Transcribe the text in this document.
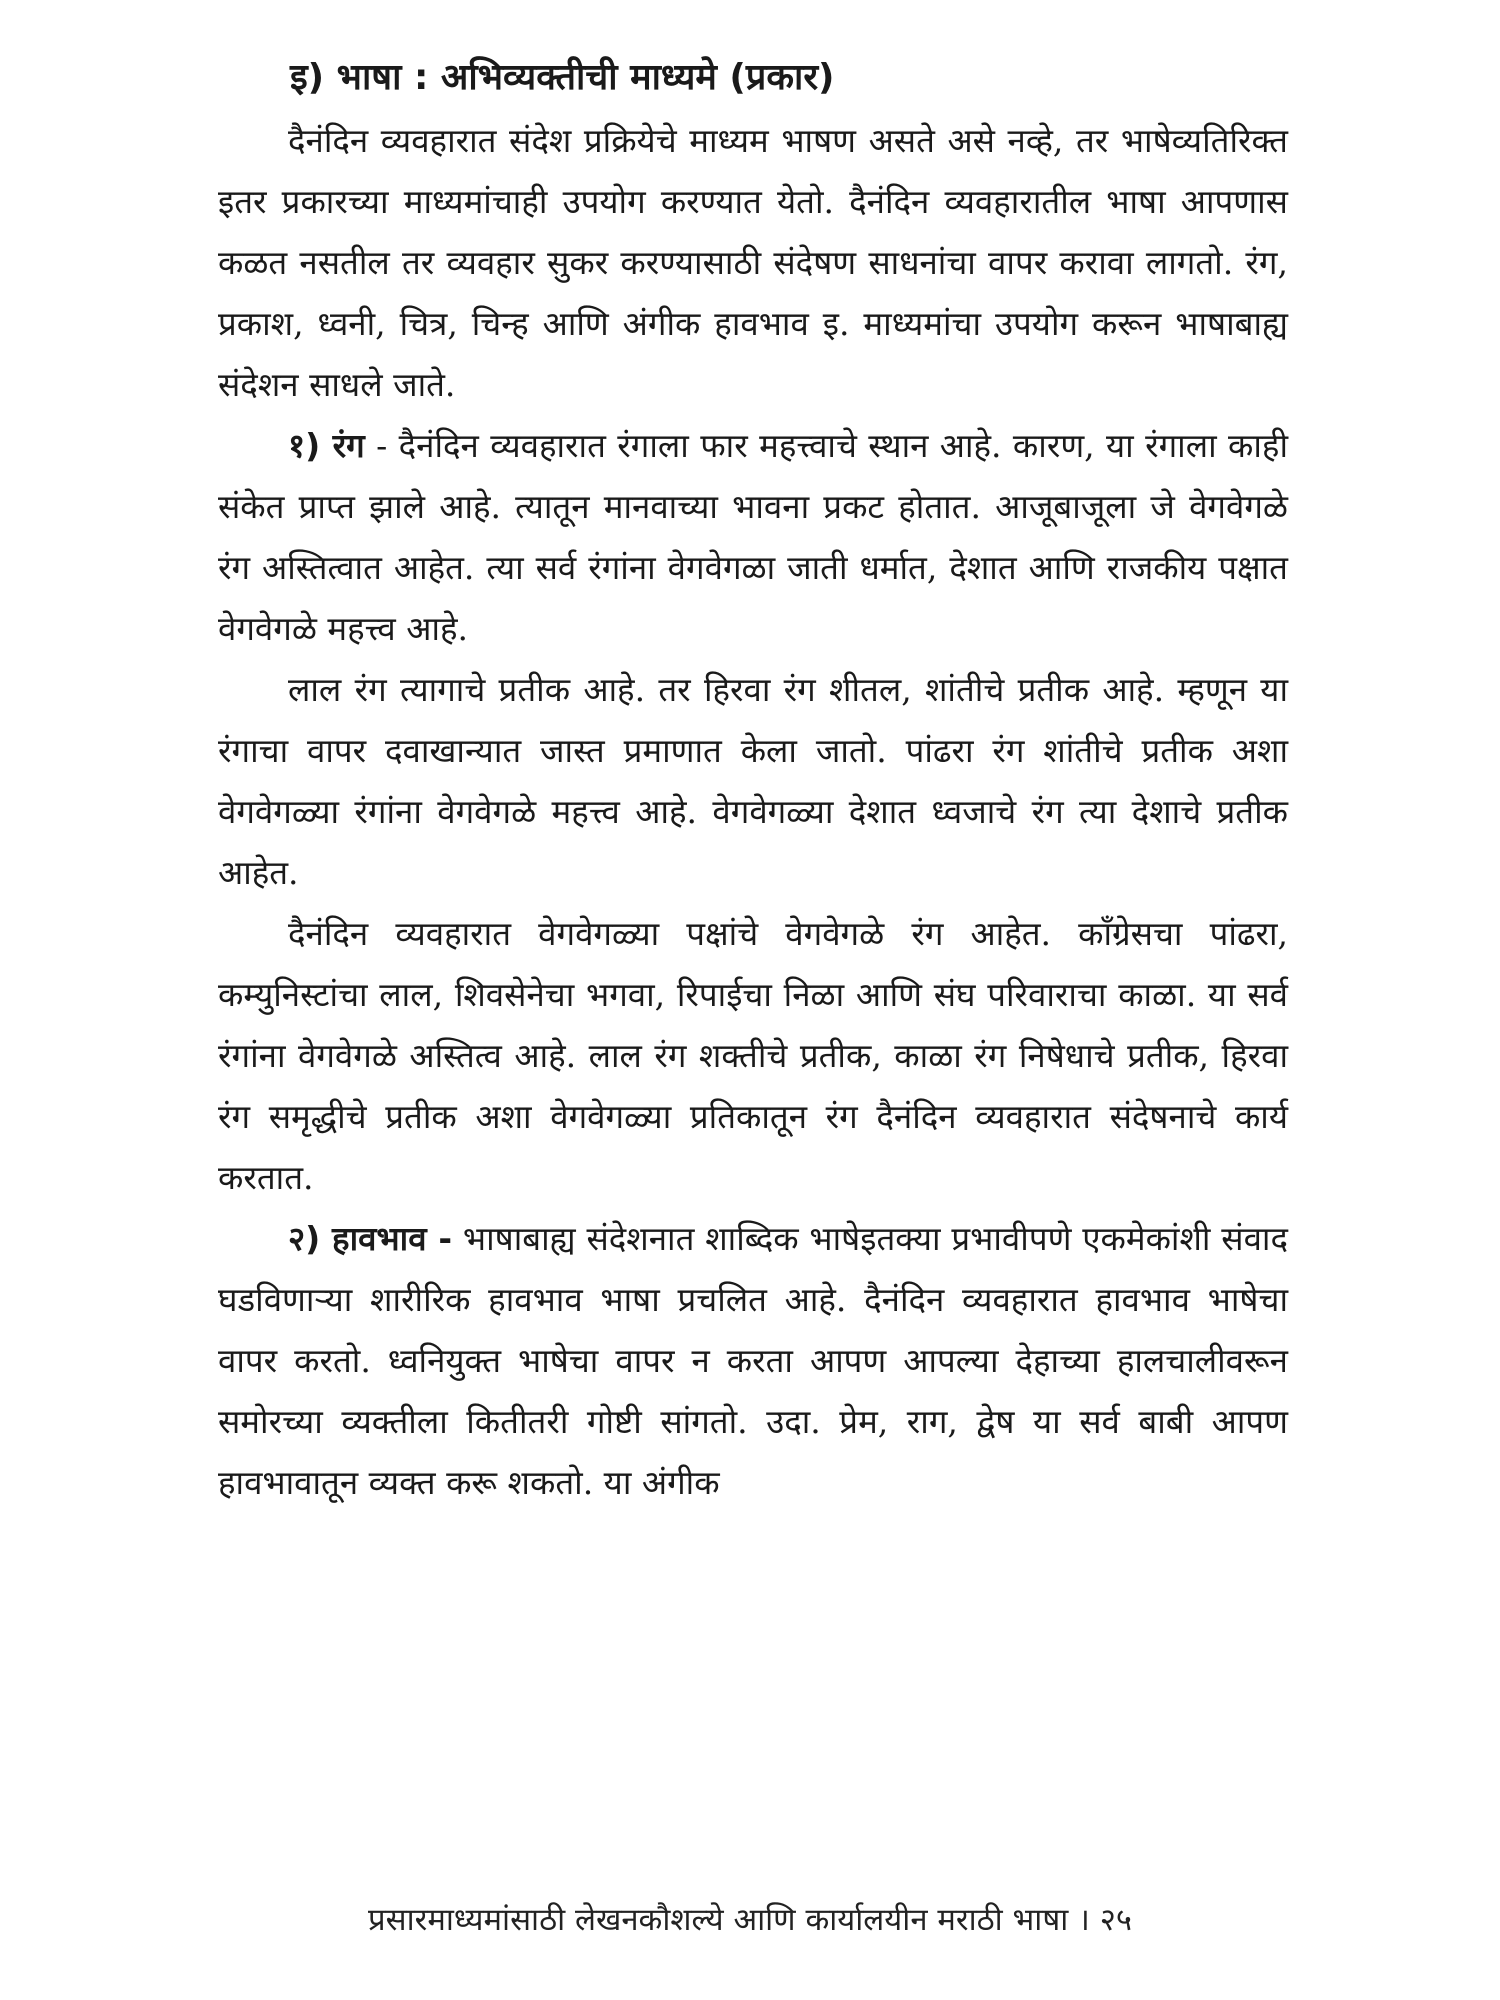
इ) भाषा : अभिव्यक्तीची माध्यमे (प्रकार)

दैनंदिन व्यवहारात संदेश प्रक्रियेचे माध्यम भाषण असते असे नव्हे, तर भाषेव्यतिरिक्त इतर प्रकारच्या माध्यमांचाही उपयोग करण्यात येतो. दैनंदिन व्यवहारातील भाषा आपणास कळत नसतील तर व्यवहार सुकर करण्यासाठी संदेषण साधनांचा वापर करावा लागतो. रंग, प्रकाश, ध्वनी, चित्र, चिन्ह आणि अंगीक हावभाव इ. माध्यमांचा उपयोग करून भाषाबाह्य संदेशन साधले जाते.

१) रंग - दैनंदिन व्यवहारात रंगाला फार महत्त्वाचे स्थान आहे. कारण, या रंगाला काही संकेत प्राप्त झाले आहे. त्यातून मानवाच्या भावना प्रकट होतात. आजूबाजूला जे वेगवेगळे रंग अस्तित्वात आहेत. त्या सर्व रंगांना वेगवेगळा जाती धर्मात, देशात आणि राजकीय पक्षात वेगवेगळे महत्त्व आहे.

लाल रंग त्यागाचे प्रतीक आहे. तर हिरवा रंग शीतल, शांतीचे प्रतीक आहे. म्हणून या रंगाचा वापर दवाखान्यात जास्त प्रमाणात केला जातो. पांढरा रंग शांतीचे प्रतीक अशा वेगवेगळ्या रंगांना वेगवेगळे महत्त्व आहे. वेगवेगळ्या देशात ध्वजाचे रंग त्या देशाचे प्रतीक आहेत.

दैनंदिन व्यवहारात वेगवेगळ्या पक्षांचे वेगवेगळे रंग आहेत. काँग्रेसचा पांढरा, कम्युनिस्टांचा लाल, शिवसेनेचा भगवा, रिपाईचा निळा आणि संघ परिवाराचा काळा. या सर्व रंगांना वेगवेगळे अस्तित्व आहे. लाल रंग शक्तीचे प्रतीक, काळा रंग निषेधाचे प्रतीक, हिरवा रंग समृद्धीचे प्रतीक अशा वेगवेगळ्या प्रतिकातून रंग दैनंदिन व्यवहारात संदेषनाचे कार्य करतात.

२) हावभाव - भाषाबाह्य संदेशनात शाब्दिक भाषेइतक्या प्रभावीपणे एकमेकांशी संवाद घडविणाऱ्या शारीरिक हावभाव भाषा प्रचलित आहे. दैनंदिन व्यवहारात हावभाव भाषेचा वापर करतो. ध्वनियुक्त भाषेचा वापर न करता आपण आपल्या देहाच्या हालचालीवरून समोरच्या व्यक्तीला कितीतरी गोष्टी सांगतो. उदा. प्रेम, राग, द्वेष या सर्व बाबी आपण हावभावातून व्यक्त करू शकतो. या अंगीक

प्रसारमाध्यमांसाठी लेखनकौशल्ये आणि कार्यालयीन मराठी भाषा । २५
